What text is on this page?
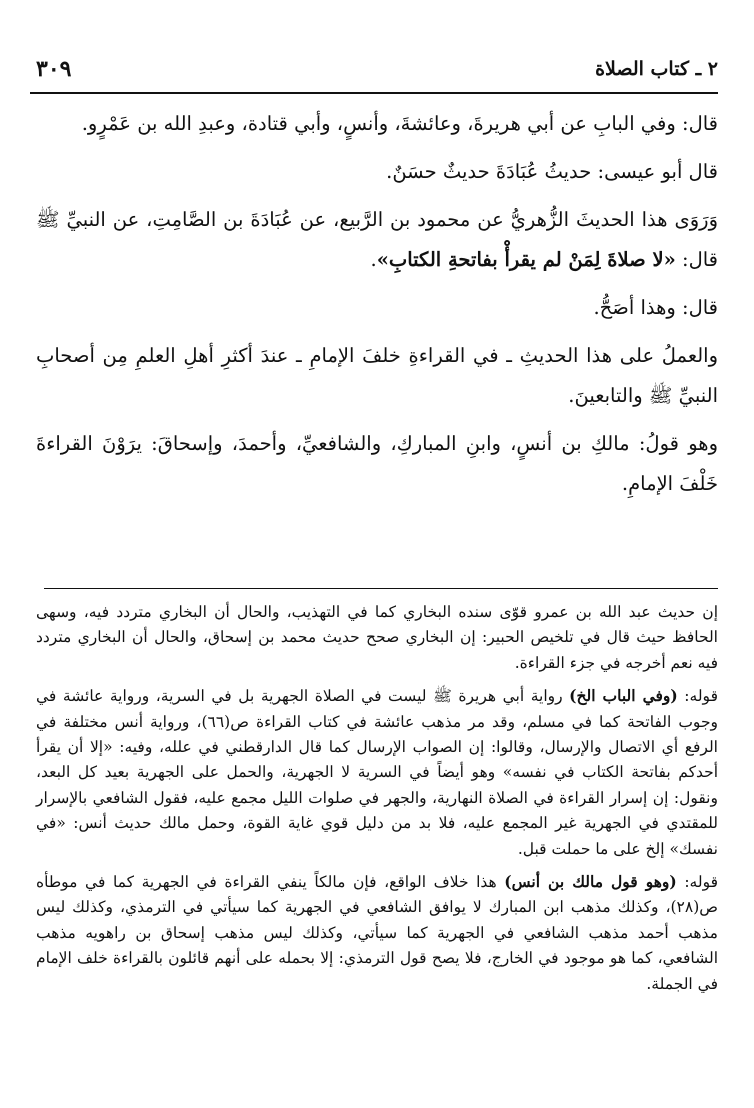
٢ ـ كتاب الصلاة
٣٠٩

قال: وفي البابِ عن أبي هريرةَ، وعائشةَ، وأنسٍ، وأبي قتادة، وعبدِ الله بن عَمْرٍو.

قال أبو عيسى: حديثُ عُبَادَةَ حديثٌ حسَنٌ.

وَرَوَى هذا الحديثَ الزُّهريُّ عن محمود بن الرَّبيع، عن عُبَادَةَ بن الصَّامِتِ، عن النبيِّ ﷺ قال: «لا صلاةَ لِمَنْ لم يقرأْ بفاتحةِ الكتابِ».

قال: وهذا أصَحُّ.

والعملُ على هذا الحديثِ ـ في القراءةِ خلفَ الإمامِ ـ عندَ أكثرِ أهلِ العلمِ مِن أصحابِ النبيِّ ﷺ والتابعينَ.

وهو قولُ: مالكِ بن أنسٍ، وابنِ المباركِ، والشافعيِّ، وأحمدَ، وإسحاقَ: يرَوْنَ القراءةَ خَلْفَ الإمامِ.

إن حديث عبد الله بن عمرو قوّى سنده البخاري كما في التهذيب، والحال أن البخاري متردد فيه، وسهى الحافظ حيث قال في تلخيص الحبير: إن البخاري صحح حديث محمد بن إسحاق، والحال أن البخاري متردد فيه نعم أخرجه في جزء القراءة.

قوله: (وفي الباب الخ) رواية أبي هريرة ﷺ ليست في الصلاة الجهرية بل في السرية، ورواية عائشة في وجوب الفاتحة كما في مسلم، وقد مر مذهب عائشة في كتاب القراءة ص(٦٦)، ورواية أنس مختلفة في الرفع أي الاتصال والإرسال، وقالوا: إن الصواب الإرسال كما قال الدارقطني في علله، وفيه: «إلا أن يقرأ أحدكم بفاتحة الكتاب في نفسه» وهو أيضاً في السرية لا الجهرية، والحمل على الجهرية بعيد كل البعد، ونقول: إن إسرار القراءة في الصلاة النهارية، والجهر في صلوات الليل مجمع عليه، فقول الشافعي بالإسرار للمقتدي في الجهرية غير المجمع عليه، فلا بد من دليل قوي غاية القوة، وحمل مالك حديث أنس: «في نفسك» إلخ على ما حملت قبل.

قوله: (وهو قول مالك بن أنس) هذا خلاف الواقع، فإن مالكاً ينفي القراءة في الجهرية كما في موطأه ص(٢٨)، وكذلك مذهب ابن المبارك لا يوافق الشافعي في الجهرية كما سيأتي في الترمذي، وكذلك ليس مذهب أحمد مذهب الشافعي في الجهرية كما سيأتي، وكذلك ليس مذهب إسحاق بن راهويه مذهب الشافعي، كما هو موجود في الخارج، فلا يصح قول الترمذي: إلا بحمله على أنهم قائلون بالقراءة خلف الإمام في الجملة.
